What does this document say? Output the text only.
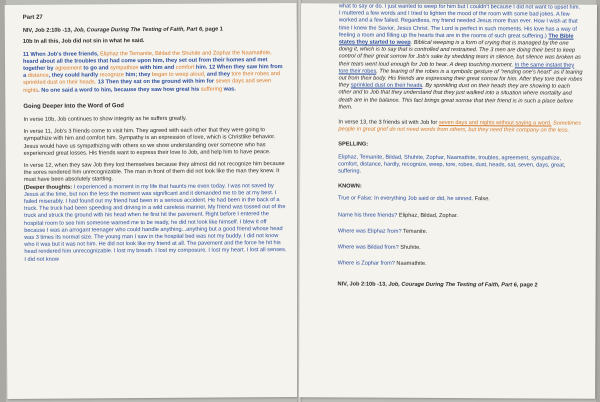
Part 27
NIV, Job 2:10b -13, Job, Courage During The Testing of Faith, Part 6, page 1

10b In all this, Job did not sin in what he said.

11 When Job's three friends, Eliphaz the Temanite, Bildad the Shuhite and Zophar the Naamathite, heard about all the troubles that had come upon him, they set out from their homes and met together by agreement to go and sympathize with him and comfort him. 12 When they saw him from a distance, they could hardly recognize him; they began to weep aloud, and they tore their robes and sprinkled dust on their heads. 13 Then they sat on the ground with him for seven days and seven nights. No one said a word to him, because they saw how great his suffering was.

Going Deeper Into the Word of God

In verse 10b, Job continues to show integrity as he suffers greatly.

In verse 11, Job's 3 friends come to visit him. They agreed with each other that they were going to sympathize with him and comfort him. Sympathy is an expression of love, which is Christlike behavior. Jesus would have us sympathizing with others so we show understanding over someone who has experienced great losses. His friends want to express their love to Job, and help him to have peace.

In verse 12, when they saw Job they lost themselves because they almost did not recognize him because the sores rendered him unrecognizable. The man in front of them did not look like the man they knew. It must have been absolutely startling.
(Deeper thoughts: I experienced a moment in my life that haunts me even today. I was not saved by Jesus at the time, but non the less the moment was significant and it demanded me to be at my best. I failed miserably. I had found out my friend had been in a serious accident. He had been in the back of a truck. The truck had been speeding and driving in a wild careless manner. My friend was tossed out of the truck and struck the ground with his head when he first hit the pavement. Right before I entered the hospital room to see him someone warned me to be ready, he did not look like himself. I blew it off because I was an arrogant teenager who could handle anything...anything but a good friend whose head was 3 times its normal size. The young man I saw in the hospital bed was not my buddy. I did not know who it was but it was not him. He did not look like my friend at all. The pavement and the force he hit his head rendered him unrecognizable. I lost my breath. I lost my composure. I lost my heart. I lost all senses. I did not know

what to say or do. I just wanted to weep for him but I couldn't because I did not want to upset him. I muttered a few words and I tried to lighten the mood of the room with some bad jokes. A few worked and a few failed. Regardless, my friend needed Jesus more than ever. How I wish at that time I knew the Savior, Jesus Christ. The Lord is perfect in such moments. His love has a way of feeling a room and filling up the hearts that are in the rooms of such great suffering.) The Bible states they started to weep. Biblical weeping is a form of crying that is managed by the one doing it, which is to say that is controlled and restrained. The 3 men are doing their best to keep control of their great sorrow for Job's sake by shedding tears in silence, but silence was broken as their tears went loud enough for Job to hear. A deep touching moment. In the same instant they tore their robes. The tearing of the robes is a symbolic gesture of "rending one's heart" as if tearing out from their body. His friends are expressing their great sorrow for him. After they tore their robes they sprinkled dust on their heads. By sprinkling dust on their heads they are showing to each other and to Job that they understand that they just walked into a situation where mortality and death are in the balance. This fact brings great sorrow that their friend is in such a place before them.

In verse 13, the 3 friends sit with Job for seven days and nights without saying a word. Sometimes people in great grief do not need words from others, but they need their company on the less.

SPELLING:

Eliphaz, Temanite, Bildad, Shuhite, Zophar, Naamathite, troubles, agreement, sympathize, comfort, distance, hardly, recognize, weep, tore, robes, dust, heads, sat, seven, days, great, suffering.

KNOWN:
True or False: In everything Job said or did, he sinned. False.
Name his three friends? Eliphaz, Bildad, Zophar.
Where was Eliphaz from? Temanite.
Where was Bildad from? Shuhite.
Where is Zophar from? Naamathite.
NIV, Job 2:10b -13, Job, Courage During The Testing of Faith, Part 6, page 2
